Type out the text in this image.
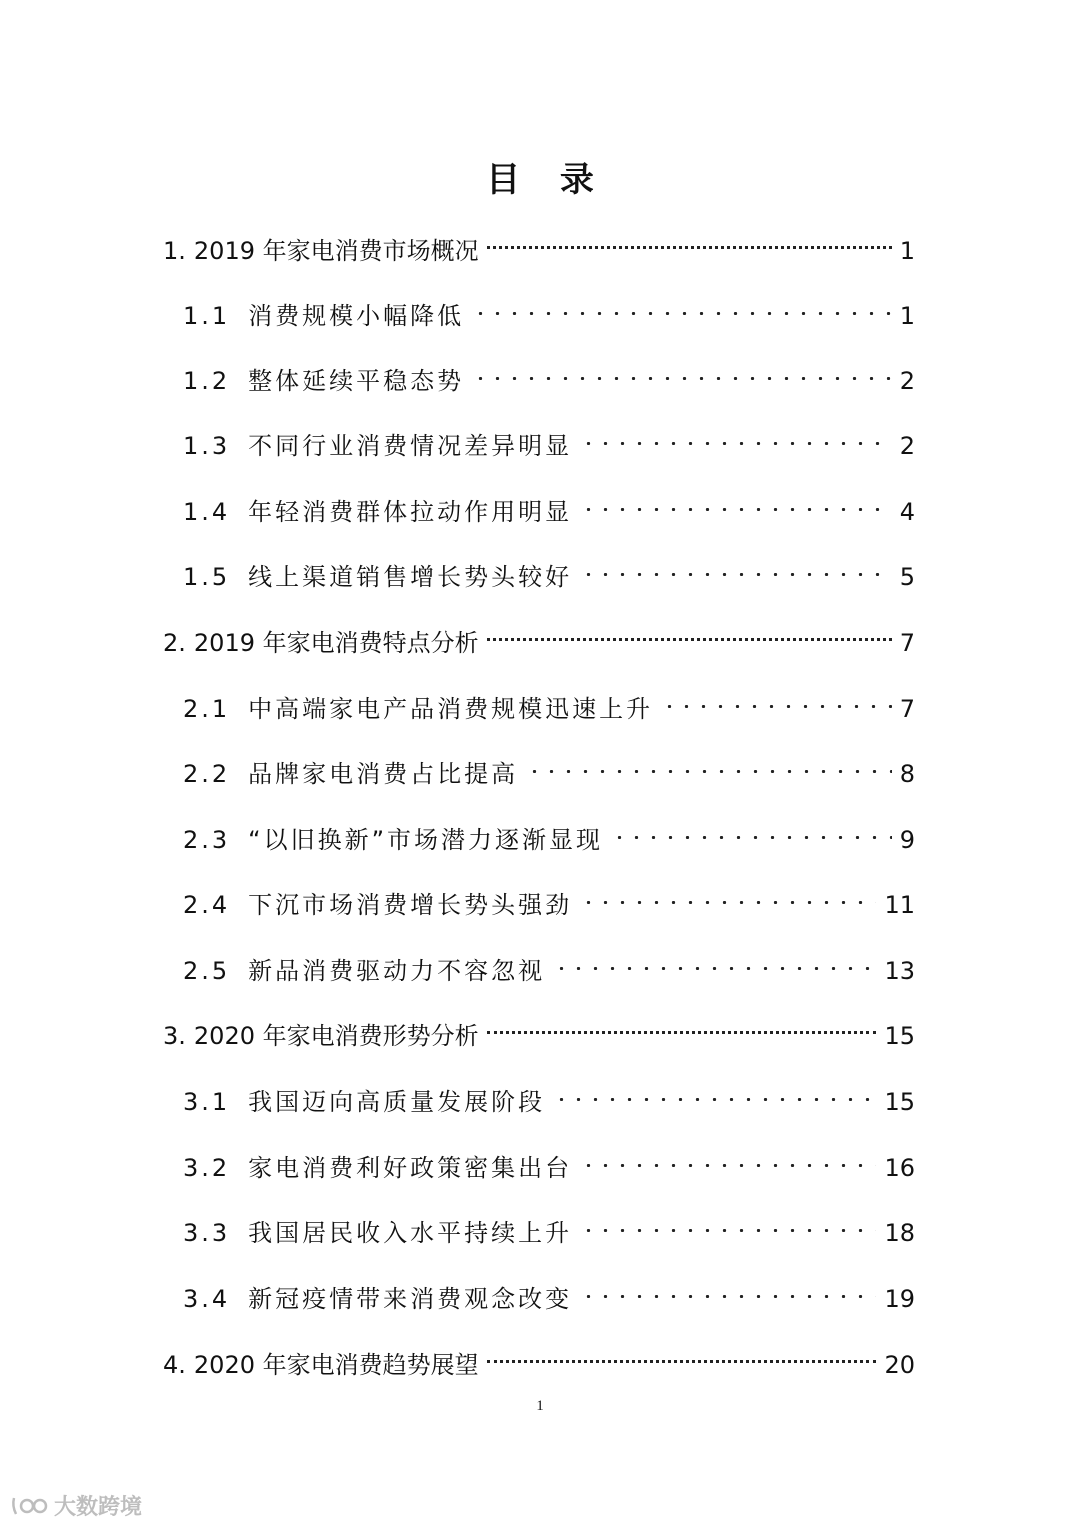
目 录
1. 2019 年家电消费市场概况	1
1.1 消费规模小幅降低	1
1.2 整体延续平稳态势	2
1.3 不同行业消费情况差异明显	2
1.4 年轻消费群体拉动作用明显	4
1.5 线上渠道销售增长势头较好	5
2. 2019 年家电消费特点分析	7
2.1 中高端家电产品消费规模迅速上升	7
2.2 品牌家电消费占比提高	8
2.3 “以旧换新”市场潜力逐渐显现	9
2.4 下沉市场消费增长势头强劲	11
2.5 新品消费驱动力不容忽视	13
3. 2020 年家电消费形势分析	15
3.1 我国迈向高质量发展阶段	15
3.2 家电消费利好政策密集出台	16
3.3 我国居民收入水平持续上升	18
3.4 新冠疫情带来消费观念改变	19
4. 2020 年家电消费趋势展望	20
1
大数跨境
